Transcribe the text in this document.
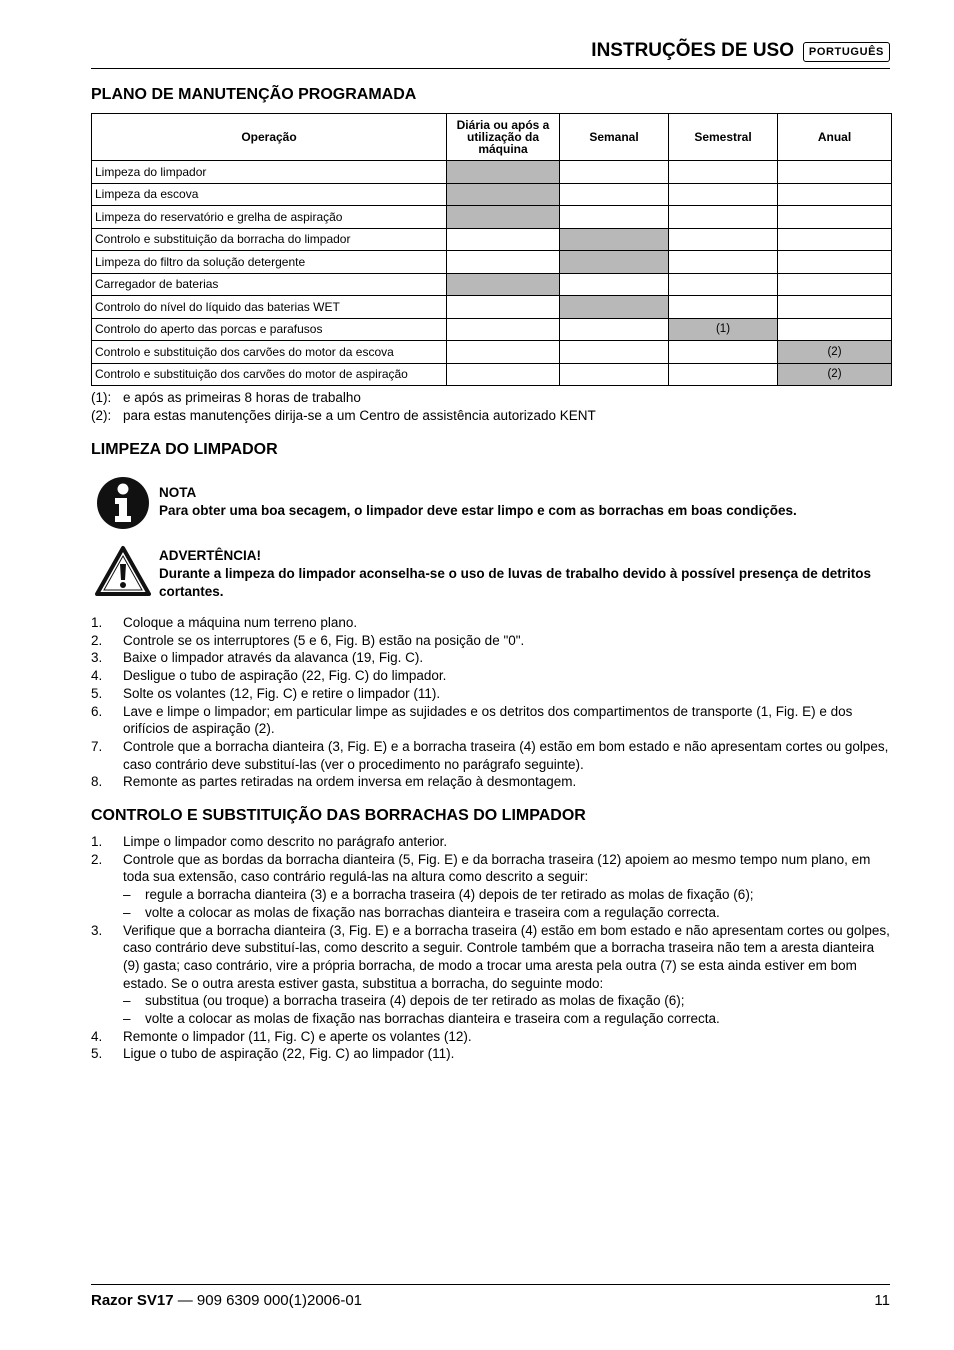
INSTRUÇÕES DE USO	PORTUGUÊS
PLANO DE MANUTENÇÃO PROGRAMADA
Operação	Diária ou após a utilização da máquina	Semanal	Semestral	Anual
Limpeza do limpador				
Limpeza da escova				
Limpeza do reservatório e grelha de aspiração				
Controlo e substituição da borracha do limpador				
Limpeza do filtro da solução detergente				
Carregador de baterias				
Controlo do nível do líquido das baterias WET				
Controlo do aperto das porcas e parafusos			(1)	
Controlo e substituição dos carvões do motor da escova				(2)
Controlo e substituição dos carvões do motor de aspiração				(2)
(1): e após as primeiras 8 horas de trabalho
(2): para estas manutenções dirija-se a um Centro de assistência autorizado KENT
LIMPEZA DO LIMPADOR
NOTA
Para obter uma boa secagem, o limpador deve estar limpo e com as borrachas em boas condições.
ADVERTÊNCIA!
Durante a limpeza do limpador aconselha-se o uso de luvas de trabalho devido à possível presença de detritos cortantes.
1. Coloque a máquina num terreno plano.
2. Controle se os interruptores (5 e 6, Fig. B) estão na posição de "0".
3. Baixe o limpador através da alavanca (19, Fig. C).
4. Desligue o tubo de aspiração (22, Fig. C) do limpador.
5. Solte os volantes (12, Fig. C) e retire o limpador (11).
6. Lave e limpe o limpador; em particular limpe as sujidades e os detritos dos compartimentos de transporte (1, Fig. E) e dos orifícios de aspiração (2).
7. Controle que a borracha dianteira (3, Fig. E) e a borracha traseira (4) estão em bom estado e não apresentam cortes ou golpes, caso contrário deve substituí-las (ver o procedimento no parágrafo seguinte).
8. Remonte as partes retiradas na ordem inversa em relação à desmontagem.
CONTROLO E SUBSTITUIÇÃO DAS BORRACHAS DO LIMPADOR
1. Limpe o limpador como descrito no parágrafo anterior.
2. Controle que as bordas da borracha dianteira (5, Fig. E) e da borracha traseira (12) apoiem ao mesmo tempo num plano, em toda sua extensão, caso contrário regulá-las na altura como descrito a seguir:
– regule a borracha dianteira (3) e a borracha traseira (4) depois de ter retirado as molas de fixação (6);
– volte a colocar as molas de fixação nas borrachas dianteira e traseira com a regulação correcta.
3. Verifique que a borracha dianteira (3, Fig. E) e a borracha traseira (4) estão em bom estado e não apresentam cortes ou golpes, caso contrário deve substituí-las, como descrito a seguir. Controle também que a borracha traseira não tem a aresta dianteira (9) gasta; caso contrário, vire a própria borracha, de modo a trocar uma aresta pela outra (7) se esta ainda estiver em bom estado. Se o outra aresta estiver gasta, substitua a borracha, do seguinte modo:
– substitua (ou troque) a borracha traseira (4) depois de ter retirado as molas de fixação (6);
– volte a colocar as molas de fixação nas borrachas dianteira e traseira com a regulação correcta.
4. Remonte o limpador (11, Fig. C) e aperte os volantes (12).
5. Ligue o tubo de aspiração (22, Fig. C) ao limpador (11).
Razor SV17 — 909 6309 000(1)2006-01	11
